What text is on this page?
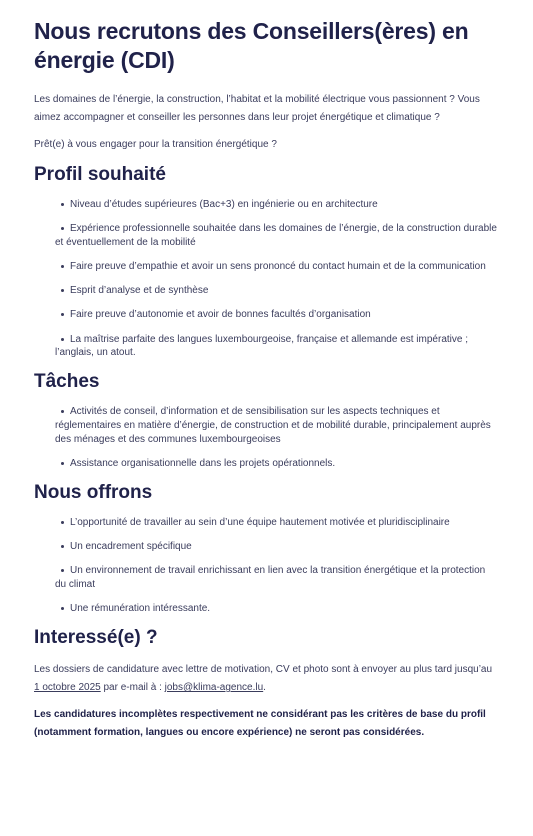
Nous recrutons des Conseillers(ères) en énergie (CDI)

Les domaines de l’énergie, la construction, l’habitat et la mobilité électrique vous passionnent ? Vous aimez accompagner et conseiller les personnes dans leur projet énergétique et climatique ?

Prêt(e) à vous engager pour la transition énergétique ?

Profil souhaité
Niveau d’études supérieures (Bac+3) en ingénierie ou en architecture
Expérience professionnelle souhaitée dans les domaines de l’énergie, de la construction durable et éventuellement de la mobilité
Faire preuve d’empathie et avoir un sens prononcé du contact humain et de la communication
Esprit d’analyse et de synthèse
Faire preuve d’autonomie et avoir de bonnes facultés d’organisation
La maîtrise parfaite des langues luxembourgeoise, française et allemande est impérative ; l’anglais, un atout.
Tâches
Activités de conseil, d’information et de sensibilisation sur les aspects techniques et réglementaires en matière d’énergie, de construction et de mobilité durable, principalement auprès des ménages et des communes luxembourgeoises
Assistance organisationnelle dans les projets opérationnels.
Nous offrons
L’opportunité de travailler au sein d’une équipe hautement motivée et pluridisciplinaire
Un encadrement spécifique
Un environnement de travail enrichissant en lien avec la transition énergétique et la protection du climat
Une rémunération intéressante.
Interessé(e) ?

Les dossiers de candidature avec lettre de motivation, CV et photo sont à envoyer au plus tard jusqu’au 1 octobre 2025 par e-mail à : jobs@klima-agence.lu.

Les candidatures incomplètes respectivement ne considérant pas les critères de base du profil (notamment formation, langues ou encore expérience) ne seront pas considérées.
